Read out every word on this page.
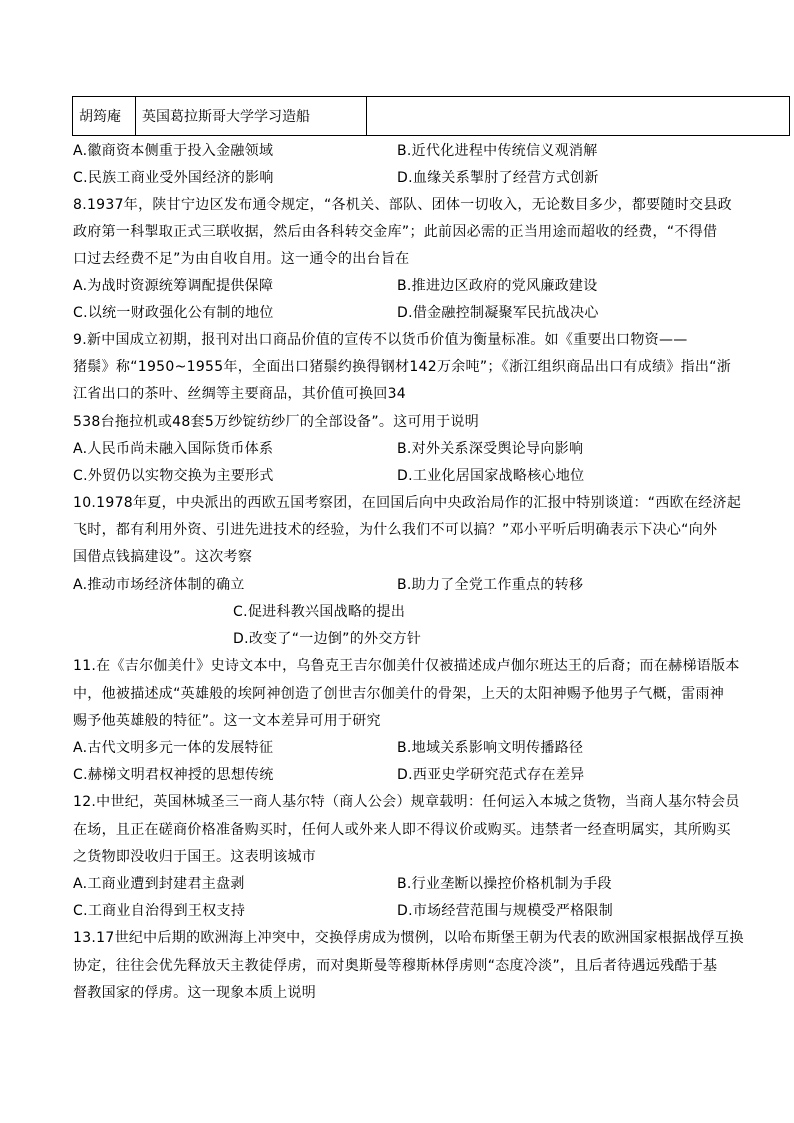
胡筠庵	英国葛拉斯哥大学学习造船	
A.徽商资本侧重于投入金融领域	B.近代化进程中传统信义观消解
C.民族工商业受外国经济的影响	D.血缘关系掣肘了经营方式创新
8.1937年，陕甘宁边区发布通令规定，“各机关、部队、团体一切收入，无论数目多少，都要随时交县政
政府第一科掣取正式三联收据，然后由各科转交金库”；此前因必需的正当用途而超收的经费，“不得借
口过去经费不足”为由自收自用。这一通令的出台旨在
A.为战时资源统筹调配提供保障	B.推进边区政府的党风廉政建设
C.以统一财政强化公有制的地位	D.借金融控制凝聚军民抗战决心
9.新中国成立初期，报刊对出口商品价值的宣传不以货币价值为衡量标准。如《重要出口物资——
猪鬃》称“1950~1955年，全面出口猪鬃约换得钢材142万余吨”；《浙江组织商品出口有成绩》指出“浙
江省出口的茶叶、丝绸等主要商品，其价值可换回34
538台拖拉机或48套5万纱锭纺纱厂的全部设备”。这可用于说明
A.人民币尚未融入国际货币体系	B.对外关系深受舆论导向影响
C.外贸仍以实物交换为主要形式	D.工业化居国家战略核心地位
10.1978年夏，中央派出的西欧五国考察团，在回国后向中央政治局作的汇报中特别谈道：“西欧在经济起
飞时，都有利用外资、引进先进技术的经验，为什么我们不可以搞？”邓小平听后明确表示下决心“向外
国借点钱搞建设”。这次考察
A.推动市场经济体制的确立	B.助力了全党工作重点的转移
C.促进科教兴国战略的提出
D.改变了“一边倒”的外交方针
11.在《吉尔伽美什》史诗文本中，乌鲁克王吉尔伽美什仅被描述成卢伽尔班达王的后裔；而在赫梯语版本
中，他被描述成“英雄般的埃阿神创造了创世吉尔伽美什的骨架，上天的太阳神赐予他男子气概，雷雨神
赐予他英雄般的特征”。这一文本差异可用于研究
A.古代文明多元一体的发展特征	B.地域关系影响文明传播路径
C.赫梯文明君权神授的思想传统	D.西亚史学研究范式存在差异
12.中世纪，英国林城圣三一商人基尔特（商人公会）规章载明：任何运入本城之货物，当商人基尔特会员
在场，且正在磋商价格准备购买时，任何人或外来人即不得议价或购买。违禁者一经查明属实，其所购买
之货物即没收归于国王。这表明该城市
A.工商业遭到封建君主盘剥	B.行业垄断以操控价格机制为手段
C.工商业自治得到王权支持	D.市场经营范围与规模受严格限制
13.17世纪中后期的欧洲海上冲突中，交换俘虏成为惯例，以哈布斯堡王朝为代表的欧洲国家根据战俘互换
协定，往往会优先释放天主教徒俘虏，而对奥斯曼等穆斯林俘虏则“态度冷淡”，且后者待遇远残酷于基
督教国家的俘虏。这一现象本质上说明
